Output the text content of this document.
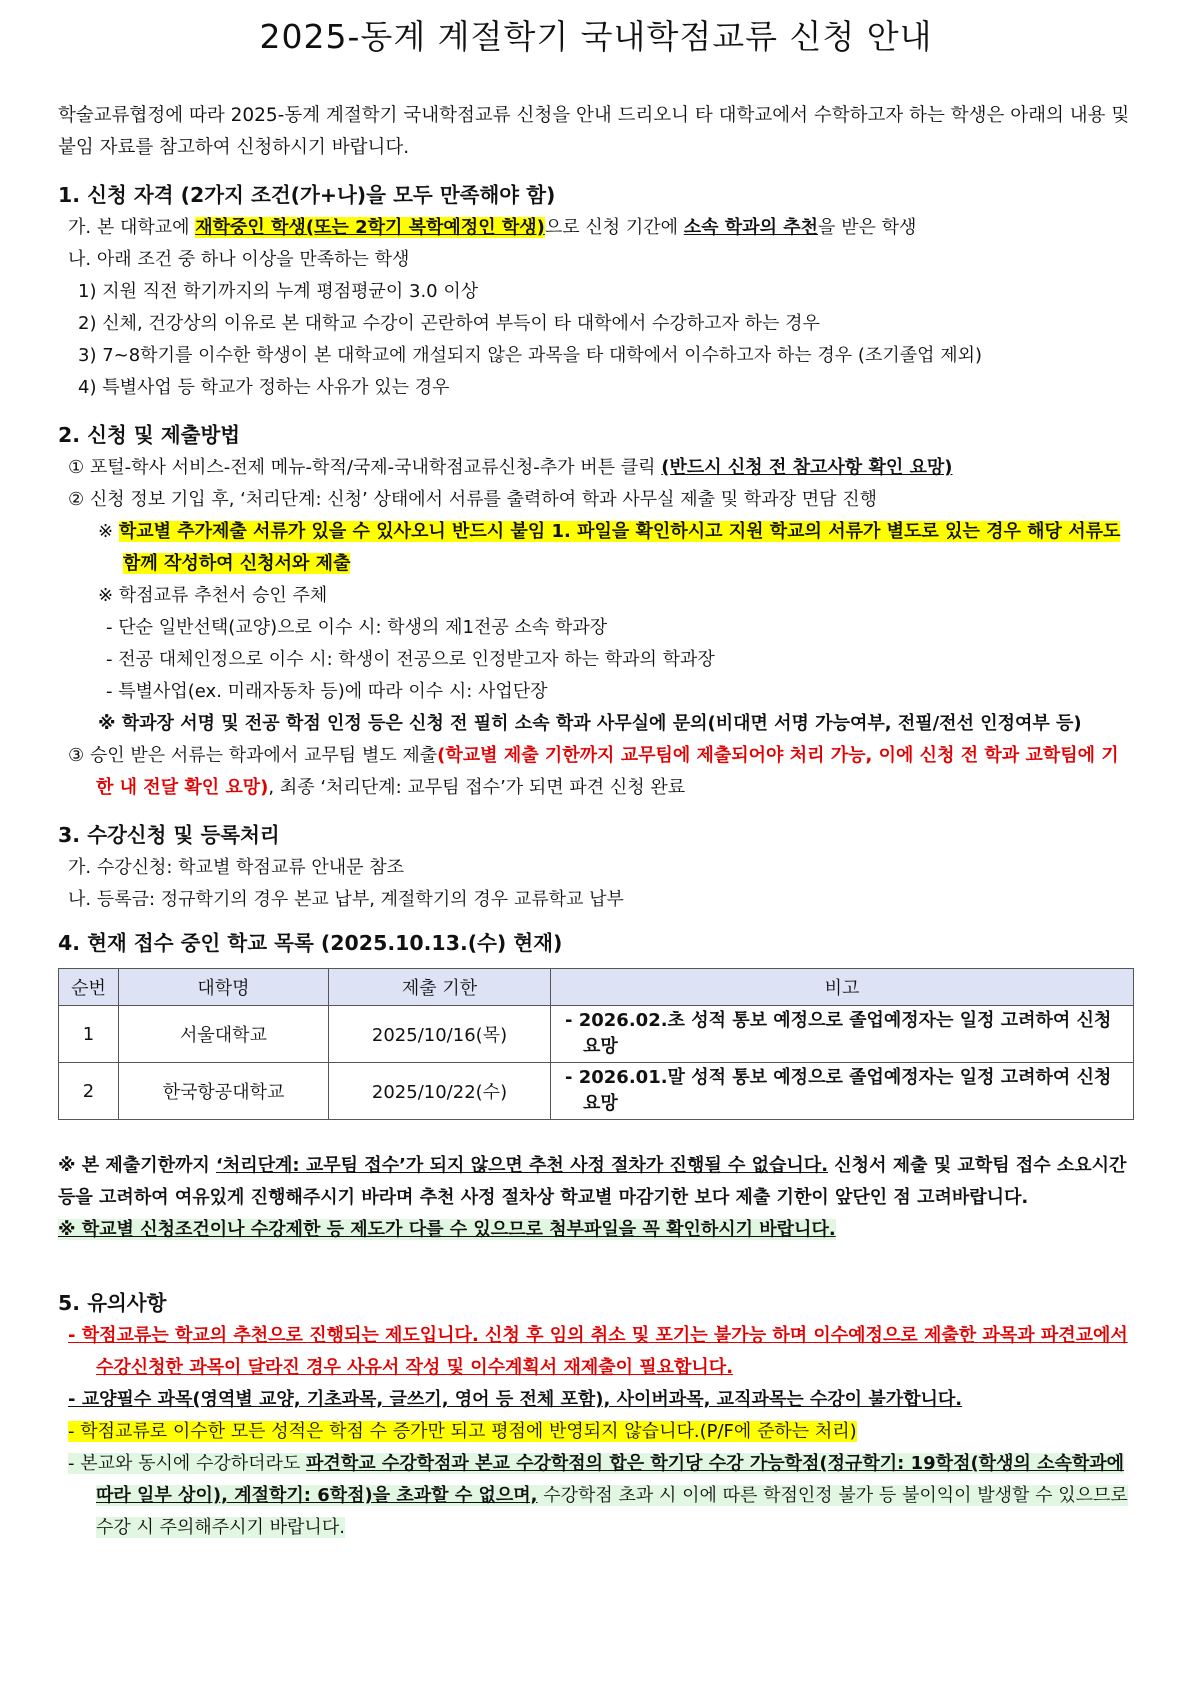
2025-동계 계절학기 국내학점교류 신청 안내
학술교류협정에 따라 2025-동계 계절학기 국내학점교류 신청을 안내 드리오니 타 대학교에서 수학하고자 하는 학생은 아래의 내용 및 붙임 자료를 참고하여 신청하시기 바랍니다.
1. 신청 자격 (2가지 조건(가+나)을 모두 만족해야 함)
가. 본 대학교에 재학중인 학생(또는 2학기 복학예정인 학생)으로 신청 기간에 소속 학과의 추천을 받은 학생
나. 아래 조건 중 하나 이상을 만족하는 학생
1) 지원 직전 학기까지의 누계 평점평균이 3.0 이상
2) 신체, 건강상의 이유로 본 대학교 수강이 곤란하여 부득이 타 대학에서 수강하고자 하는 경우
3) 7~8학기를 이수한 학생이 본 대학교에 개설되지 않은 과목을 타 대학에서 이수하고자 하는 경우 (조기졸업 제외)
4) 특별사업 등 학교가 정하는 사유가 있는 경우
2. 신청 및 제출방법
① 포털-학사 서비스-전제 메뉴-학적/국제-국내학점교류신청-추가 버튼 클릭 (반드시 신청 전 참고사항 확인 요망)
② 신청 정보 기입 후, ‘처리단계: 신청’ 상태에서 서류를 출력하여 학과 사무실 제출 및 학과장 면담 진행
※ 학교별 추가제출 서류가 있을 수 있사오니 반드시 붙임 1. 파일을 확인하시고 지원 학교의 서류가 별도로 있는 경우 해당 서류도 함께 작성하여 신청서와 제출
※ 학점교류 추천서 승인 주체
- 단순 일반선택(교양)으로 이수 시: 학생의 제1전공 소속 학과장
- 전공 대체인정으로 이수 시: 학생이 전공으로 인정받고자 하는 학과의 학과장
- 특별사업(ex. 미래자동차 등)에 따라 이수 시: 사업단장
※ 학과장 서명 및 전공 학점 인정 등은 신청 전 필히 소속 학과 사무실에 문의(비대면 서명 가능여부, 전필/전선 인정여부 등)
③ 승인 받은 서류는 학과에서 교무팀 별도 제출(학교별 제출 기한까지 교무팀에 제출되어야 처리 가능, 이에 신청 전 학과 교학팀에 기한 내 전달 확인 요망), 최종 ‘처리단계: 교무팀 접수’가 되면 파견 신청 완료
3. 수강신청 및 등록처리
가. 수강신청: 학교별 학점교류 안내문 참조
나. 등록금: 정규학기의 경우 본교 납부, 계절학기의 경우 교류학교 납부
4. 현재 접수 중인 학교 목록 (2025.10.13.(수) 현재)
순번	대학명	제출 기한	비고
1	서울대학교	2025/10/16(목)	- 2026.02.초 성적 통보 예정으로 졸업예정자는 일정 고려하여 신청 요망
2	한국항공대학교	2025/10/22(수)	- 2026.01.말 성적 통보 예정으로 졸업예정자는 일정 고려하여 신청 요망
※ 본 제출기한까지 ‘처리단계: 교무팀 접수’가 되지 않으면 추천 사정 절차가 진행될 수 없습니다. 신청서 제출 및 교학팀 접수 소요시간 등을 고려하여 여유있게 진행해주시기 바라며 추천 사정 절차상 학교별 마감기한 보다 제출 기한이 앞단인 점 고려바랍니다.
※ 학교별 신청조건이나 수강제한 등 제도가 다를 수 있으므로 첨부파일을 꼭 확인하시기 바랍니다.
5. 유의사항
- 학점교류는 학교의 추천으로 진행되는 제도입니다. 신청 후 임의 취소 및 포기는 불가능 하며 이수예정으로 제출한 과목과 파견교에서 수강신청한 과목이 달라진 경우 사유서 작성 및 이수계획서 재제출이 필요합니다.
- 교양필수 과목(영역별 교양, 기초과목, 글쓰기, 영어 등 전체 포함), 사이버과목, 교직과목는 수강이 불가합니다.
- 학점교류로 이수한 모든 성적은 학점 수 증가만 되고 평점에 반영되지 않습니다.(P/F에 준하는 처리)
- 본교와 동시에 수강하더라도 파견학교 수강학점과 본교 수강학점의 합은 학기당 수강 가능학점(정규학기: 19학점(학생의 소속학과에 따라 일부 상이), 계절학기: 6학점)을 초과할 수 없으며, 수강학점 초과 시 이에 따른 학점인정 불가 등 불이익이 발생할 수 있으므로 수강 시 주의해주시기 바랍니다.
